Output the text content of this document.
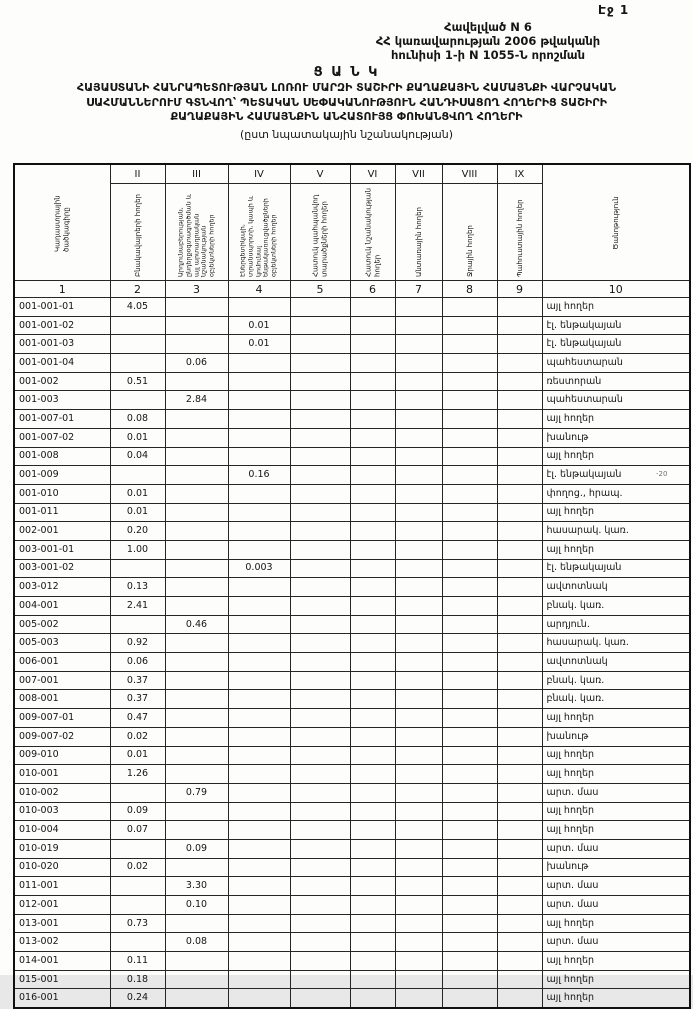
Էջ 1
Հավելված N 6
ՀՀ կառավարության 2006 թվականի
հունիսի 1-ի N 1055-Ն որոշման
Ց Ա Ն Կ
ՀԱՅԱՍՏԱՆԻ ՀԱՆՐԱՊԵՏՈՒԹՅԱՆ ԼՈՌՈՒ ՄԱՐԶԻ ՏԱՇԻՐԻ ՔԱՂԱՔԱՅԻՆ ՀԱՄԱՅՆՔԻ ՎԱՐՉԱԿԱՆ
ՍԱՀՄԱՆՆԵՐՈՒՄ ԳՏՆՎՈՂ՝ ՊԵՏԱԿԱՆ ՍԵՓԱԿԱՆՈՒԹՅՈՒՆ ՀԱՆԴԻՍԱՑՈՂ ՀՈՂԵՐԻՑ ՏԱՇԻՐԻ
ՔԱՂԱՔԱՅԻՆ ՀԱՄԱՅՆՔԻՆ ԱՆՀԱՏՈՒՅՑ ՓՈԽԱՆՑՎՈՂ ՀՈՂԵՐԻ
(ըստ նպատակային նշանակության)
Կադաստրային ծածկագիրը	II	III	IV	V	VI	VII	VIII	IX	Ծանոթություն

	Բնակավայրերի հողեր	Արդյունաբերության, ընդերքօգտագործման և այլ արտադրական նշանակության օբյեկտների հողեր	Էներգետիկայի, տրանսպորտի, կապի և կոմունալ ենթակառուցվածքների օբյեկտների հողեր	Հատուկ պահպանվող տարածքների հողեր	Հատուկ նշանակության հողեր	Անտառային հողեր	Ջրային հողեր	Պահուստային հողեր	

1	2	3	4	5	6	7	8	9	10
001-001-01	4.05								այլ հողեր
001-001-02			0.01						էլ. ենթակայան
001-001-03			0.01						էլ. ենթակայան
001-001-04		0.06							պահեստարան
001-002	0.51								ռեստորան
001-003		2.84							պահեստարան
001-007-01	0.08								այլ հողեր
001-007-02	0.01								խանութ
001-008	0.04								այլ հողեր
001-009			0.16						էլ. ենթակայան
001-010	0.01								փողոց., հրապ.
001-011	0.01								այլ հողեր
002-001	0.20								հասարակ. կառ.
003-001-01	1.00								այլ հողեր
003-001-02			0.003						էլ. ենթակայան
003-012	0.13								ավտոտնակ
004-001	2.41								բնակ. կառ.
005-002		0.46							արդյուն.
005-003	0.92								հասարակ. կառ.
006-001	0.06								ավտոտնակ
007-001	0.37								բնակ. կառ.
008-001	0.37								բնակ. կառ.
009-007-01	0.47								այլ հողեր
009-007-02	0.02								խանութ
009-010	0.01								այլ հողեր
010-001	1.26								այլ հողեր
010-002		0.79							արտ. մաս
010-003	0.09								այլ հողեր
010-004	0.07								այլ հողեր
010-019		0.09							արտ. մաս
010-020	0.02								խանութ
011-001		3.30							արտ. մաս
012-001		0.10							արտ. մաս
013-001	0.73								այլ հողեր
013-002		0.08							արտ. մաս
014-001	0.11								այլ հողեր
015-001	0.18								այլ հողեր
016-001	0.24								այլ հողեր
-20
